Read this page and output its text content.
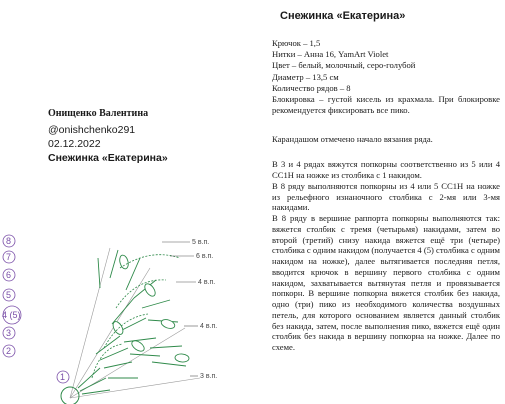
Онищенко Валентина
@onishchenko291
02.12.2022
Снежинка «Екатерина»
Снежинка «Екатерина»
Крючок – 1,5
Нитки – Анна 16, YamArt Violet
Цвет – белый, молочный, серо-голубой
Диаметр – 13,5 см
Количество рядов – 8
Блокировка – густой кисель из крахмала. При блокировке рекомендуется фиксировать все пико.
Карандашом отмечено начало вязания ряда.

В 3 и 4 рядах вяжутся попкорны соответственно из 5 или 4 СС1Н на ножке из столбика с 1 накидом.

В 8 ряду выполняются попкорны из 4 или 5 СС1Н на ножке из рельефного изнаночного столбика с 2-мя или 3-мя накидами.

В 8 ряду в вершине раппорта попкорны выполняются так: вяжется столбик с тремя (четырьмя) накидами, затем во второй (третий) снизу накида вяжется ещё три (четыре) столбика с одним накидом (получается 4 (5) столбика с одним накидом на ножке), далее вытягивается последняя петля, вводится крючок в вершину первого столбика с одним накидом, захватывается вытянутая петля и провязывается попкорн. В вершине попкорна вяжется столбик без накида, одно (три) пико из необходимого количества воздушных петель, для которого основанием является данный столбик без накида, затем, после выполнения пико, вяжется ещё один столбик без накида в вершину попкорна на ножке. Далее по схеме.

5 в.п.
6 в.п.
4 в.п.
4 в.п.
3 в.п.
8
7
6
5
4 (5)
3
2
1
